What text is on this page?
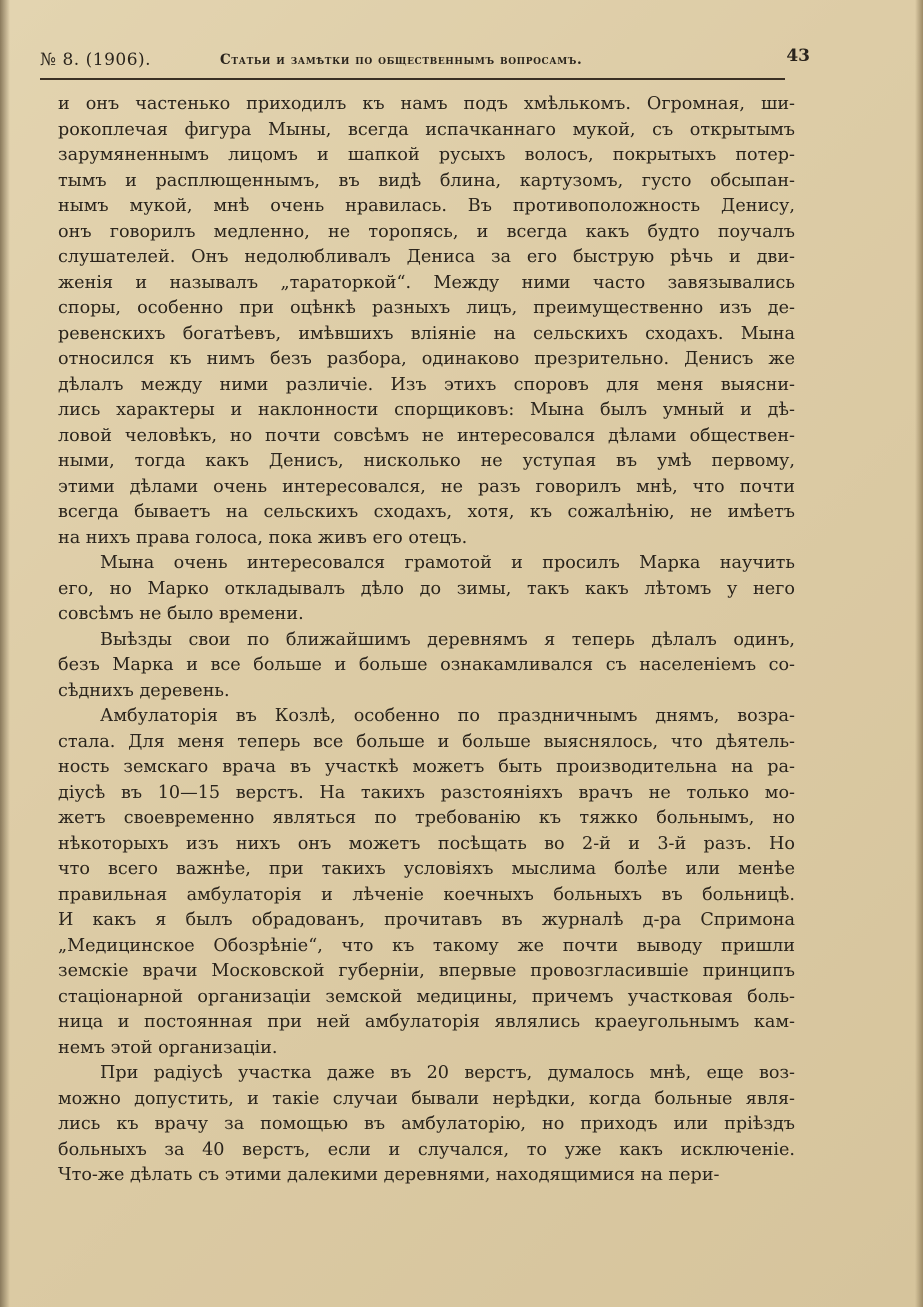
№ 8. (1906).	Статьи и замѣтки по общественнымъ вопросамъ.	43
и онъ частенько приходилъ къ намъ подъ хмѣлькомъ. Огромная, ши-
рокоплечая фигура Мыны, всегда испачканнаго мукой, съ открытымъ
зарумяненнымъ лицомъ и шапкой русыхъ волосъ, покрытыхъ потер-
тымъ и расплющеннымъ, въ видѣ блина, картузомъ, густо обсыпан-
нымъ мукой, мнѣ очень нравилась. Въ противоположность Денису,
онъ говорилъ медленно, не торопясь, и всегда какъ будто поучалъ
слушателей. Онъ недолюбливалъ Дениса за его быструю рѣчь и дви-
женія и называлъ „тараторкой“. Между ними часто завязывались
споры, особенно при оцѣнкѣ разныхъ лицъ, преимущественно изъ де-
ревенскихъ богатѣевъ, имѣвшихъ вліяніе на сельскихъ сходахъ. Мына
относился къ нимъ безъ разбора, одинаково презрительно. Денисъ же
дѣлалъ между ними различіе. Изъ этихъ споровъ для меня выясни-
лись характеры и наклонности спорщиковъ: Мына былъ умный и дѣ-
ловой человѣкъ, но почти совсѣмъ не интересовался дѣлами обществен-
ными, тогда какъ Денисъ, нисколько не уступая въ умѣ первому,
этими дѣлами очень интересовался, не разъ говорилъ мнѣ, что почти
всегда бываетъ на сельскихъ сходахъ, хотя, къ сожалѣнію, не имѣетъ
на нихъ права голоса, пока живъ его отецъ.
Мына очень интересовался грамотой и просилъ Марка научить
его, но Марко откладывалъ дѣло до зимы, такъ какъ лѣтомъ у него
совсѣмъ не было времени.
Выѣзды свои по ближайшимъ деревнямъ я теперь дѣлалъ одинъ,
безъ Марка и все больше и больше ознакамливался съ населеніемъ со-
сѣднихъ деревень.
Амбулаторія въ Козлѣ, особенно по праздничнымъ днямъ, возра-
стала. Для меня теперь все больше и больше выяснялось, что дѣятель-
ность земскаго врача въ участкѣ можетъ быть производительна на ра-
діусѣ въ 10—15 верстъ. На такихъ разстояніяхъ врачъ не только мо-
жетъ своевременно являться по требованію къ тяжко больнымъ, но
нѣкоторыхъ изъ нихъ онъ можетъ посѣщать во 2-й и 3-й разъ. Но
что всего важнѣе, при такихъ условіяхъ мыслима болѣе или менѣе
правильная амбулаторія и лѣченіе коечныхъ больныхъ въ больницѣ.
И какъ я былъ обрадованъ, прочитавъ въ журналѣ д-ра Спримона
„Медицинское Обозрѣніе“, что къ такому же почти выводу пришли
земскіе врачи Московской губерніи, впервые провозгласившіе принципъ
стаціонарной организаціи земской медицины, причемъ участковая боль-
ница и постоянная при ней амбулаторія являлись краеугольнымъ кам-
немъ этой организаціи.
При радіусѣ участка даже въ 20 верстъ, думалось мнѣ, еще воз-
можно допустить, и такіе случаи бывали нерѣдки, когда больные явля-
лись къ врачу за помощью въ амбулаторію, но приходъ или пріѣздъ
больныхъ за 40 верстъ, если и случался, то уже какъ исключеніе.
Что-же дѣлать съ этими далекими деревнями, находящимися на пери-
